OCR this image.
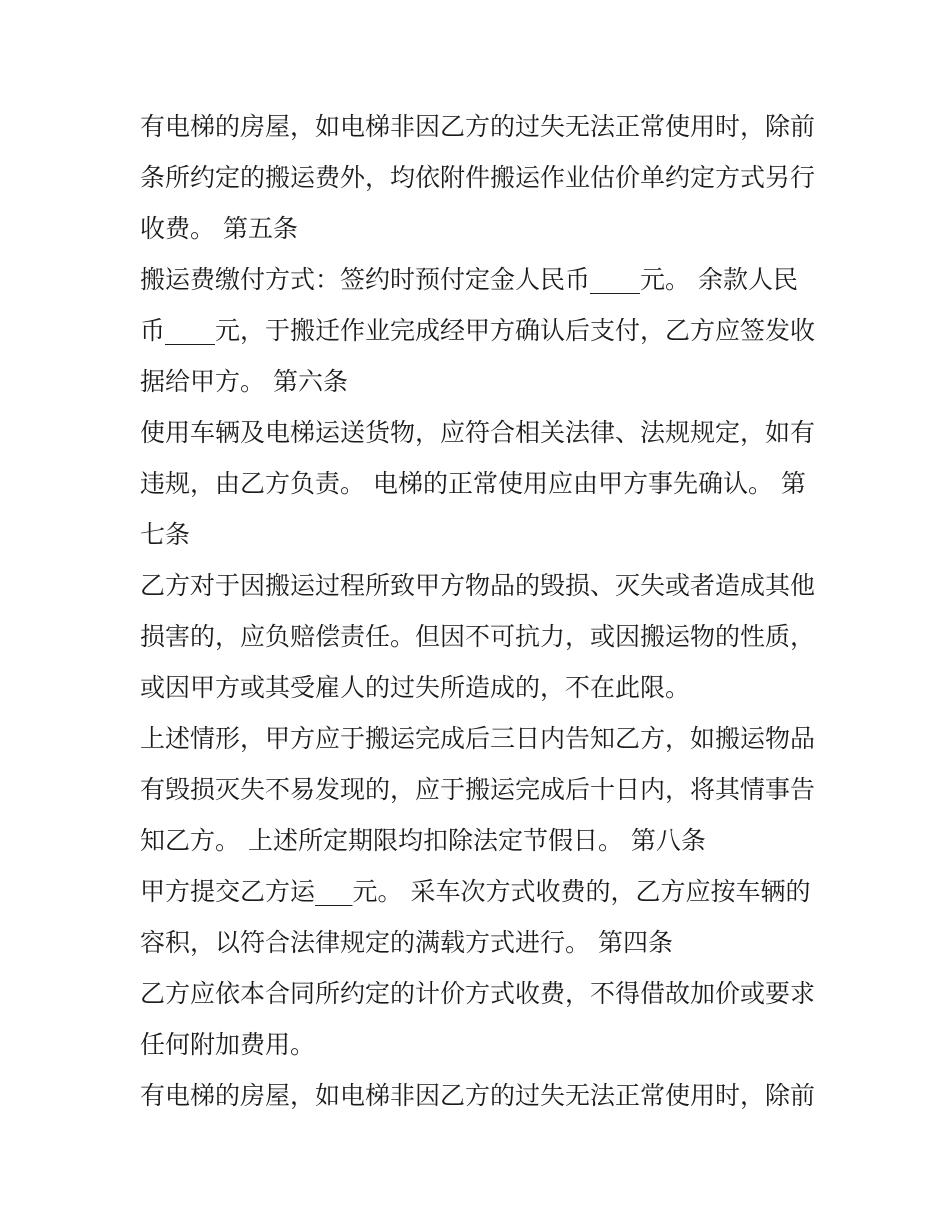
有电梯的房屋，如电梯非因乙方的过失无法正常使用时，除前
条所约定的搬运费外，均依附件搬运作业估价单约定方式另行
收费。 第五条
搬运费缴付方式：签约时预付定金人民币____元。 余款人民
币____元，于搬迁作业完成经甲方确认后支付，乙方应签发收
据给甲方。 第六条
使用车辆及电梯运送货物，应符合相关法律、法规规定，如有
违规，由乙方负责。 电梯的正常使用应由甲方事先确认。 第
七条
乙方对于因搬运过程所致甲方物品的毁损、灭失或者造成其他
损害的，应负赔偿责任。但因不可抗力，或因搬运物的性质，
或因甲方或其受雇人的过失所造成的，不在此限。
上述情形，甲方应于搬运完成后三日内告知乙方，如搬运物品
有毁损灭失不易发现的，应于搬运完成后十日内，将其情事告
知乙方。 上述所定期限均扣除法定节假日。 第八条
甲方提交乙方运___元。 采车次方式收费的，乙方应按车辆的
容积，以符合法律规定的满载方式进行。 第四条
乙方应依本合同所约定的计价方式收费，不得借故加价或要求
任何附加费用。
有电梯的房屋，如电梯非因乙方的过失无法正常使用时，除前
